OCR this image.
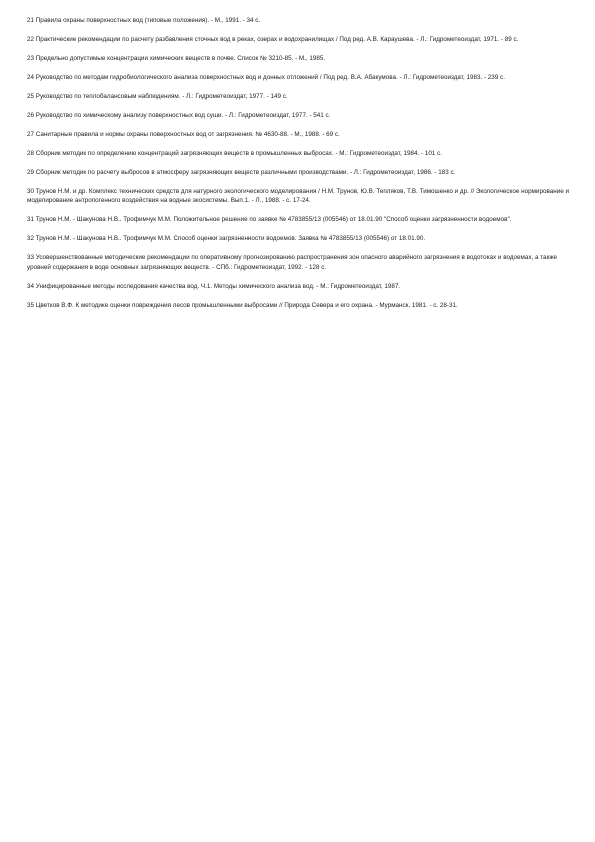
21 Правила охраны поверхностных вод (типовые положения). - М., 1991. - 34 с.

22 Практические рекомендации по расчету разбавления сточных вод в реках, озерах и водохранилищах / Под ред. А.В. Караушева. - Л.: Гидрометеоиздат, 1971. - 89 с.

23 Предельно допустимые концентрации химических веществ в почве. Список № 3210-85. - М., 1985.

24 Руководство по методам гидробиологического анализа поверхностных вод и донных отложений / Под ред. В.А. Абакумова. - Л.: Гидрометеоиздат, 1983. - 239 с.

25 Руководство по теплобалансовым наблюдениям. - Л.: Гидрометеоиздат, 1977. - 149 с.

26 Руководство по химическому анализу поверхностных вод суши. - Л.: Гидрометеоиздат, 1977. - 541 с.

27 Санитарные правила и нормы охраны поверхностных вод от загрязнения. № 4630-88. - М., 1988. - 69 с.

28 Сборник методик по определению концентраций загрязняющих веществ в промышленных выбросах. - М.: Гидрометеоиздат, 1984. - 101 с.

29 Сборник методик по расчету выбросов в атмосферу загрязняющих веществ различными производствами. - Л.: Гидрометеоиздат, 1986. - 183 с.

30 Трунов Н.М. и др. Комплекс технических средств для натурного экологического моделирования / Н.М. Трунов, Ю.В. Тепляков, Т.В. Тимошенко и др. // Экологическое нормирование и моделирование антропогенного воздействия на водные экосистемы. Вып.1. - Л., 1988. - с. 17-24.

31 Трунов Н.М. - Шакунова Н.В.. Трофимчук М.М. Положительное решение по заявке № 4783855/13 (005546) от 18.01.90 "Способ оценки загрязненности водоемов".

32 Трунов Н.М. - Шакунова Н.В.. Трофимчук М.М. Способ оценки загрязненности водоемов. Заявка № 4783855/13 (005546) от 18.01.90.

33 Усовершенствованные методические рекомендации по оперативному прогнозированию распространения зон опасного аварийного загрязнения в водотоках и водоемах, а также уровней содержания в воде основных загрязняющих веществ. - СПб.: Гидрометеоиздат, 1992. - 128 с.

34 Унифицированные методы исследования качества вод. Ч.1. Методы химического анализа вод. - М.: Гидрометеоиздат, 1987.

35 Цветков В.Ф. К методике оценки повреждения лесов промышленными выбросами // Природа Севера и его охрана. - Мурманск, 1981. - с. 28-31.
